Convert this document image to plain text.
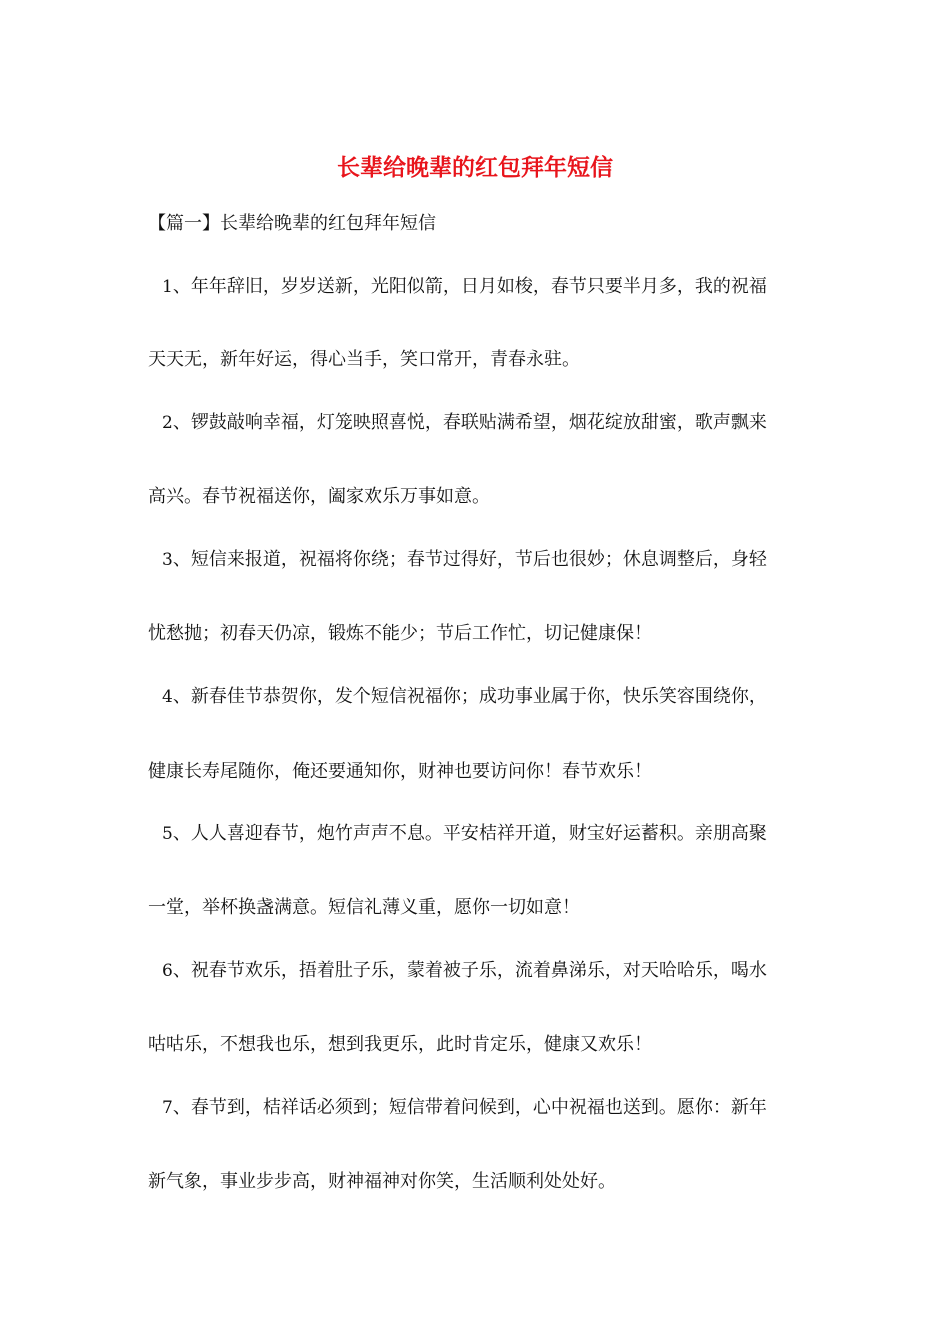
长辈给晚辈的红包拜年短信

【篇一】长辈给晚辈的红包拜年短信

1、年年辞旧，岁岁送新，光阳似箭，日月如梭，春节只要半月多，我的祝福

天天无，新年好运，得心当手，笑口常开，青春永驻。

2、锣鼓敲响幸福，灯笼映照喜悦，春联贴满希望，烟花绽放甜蜜，歌声飘来

高兴。春节祝福送你，阖家欢乐万事如意。

3、短信来报道，祝福将你绕；春节过得好，节后也很妙；休息调整后，身轻

忧愁抛；初春天仍凉，锻炼不能少；节后工作忙，切记健康保！

4、新春佳节恭贺你，发个短信祝福你；成功事业属于你，快乐笑容围绕你，

健康长寿尾随你，俺还要通知你，财神也要访问你！春节欢乐！

5、人人喜迎春节，炮竹声声不息。平安桔祥开道，财宝好运蓄积。亲朋高聚

一堂，举杯换盏满意。短信礼薄义重，愿你一切如意！

6、祝春节欢乐，捂着肚子乐，蒙着被子乐，流着鼻涕乐，对天哈哈乐，喝水

咕咕乐，不想我也乐，想到我更乐，此时肯定乐，健康又欢乐！

7、春节到，桔祥话必须到；短信带着问候到，心中祝福也送到。愿你：新年

新气象，事业步步高，财神福神对你笑，生活顺利处处好。
